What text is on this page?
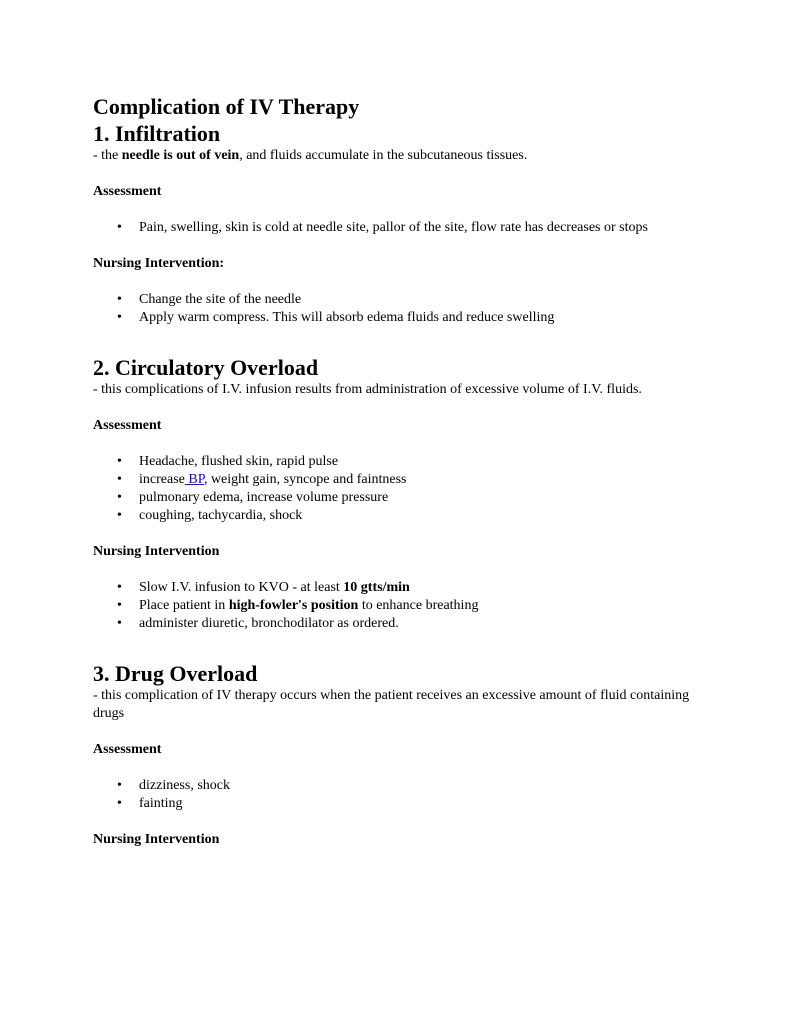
Complication of IV Therapy
1. Infiltration

- the needle is out of vein, and fluids accumulate in the subcutaneous tissues.

Assessment

• Pain, swelling, skin is cold at needle site, pallor of the site, flow rate has decreases or stops

Nursing Intervention:

• Change the site of the needle
• Apply warm compress. This will absorb edema fluids and reduce swelling
2. Circulatory Overload

- this complications of I.V. infusion results from administration of excessive volume of I.V. fluids.

Assessment

• Headache, flushed skin, rapid pulse
• increase BP, weight gain, syncope and faintness
• pulmonary edema, increase volume pressure
• coughing, tachycardia, shock

Nursing Intervention

• Slow I.V. infusion to KVO - at least 10 gtts/min
• Place patient in high-fowler's position to enhance breathing
• administer diuretic, bronchodilator as ordered.
3. Drug Overload

- this complication of IV therapy occurs when the patient receives an excessive amount of fluid containing drugs

Assessment

• dizziness, shock
• fainting

Nursing Intervention
